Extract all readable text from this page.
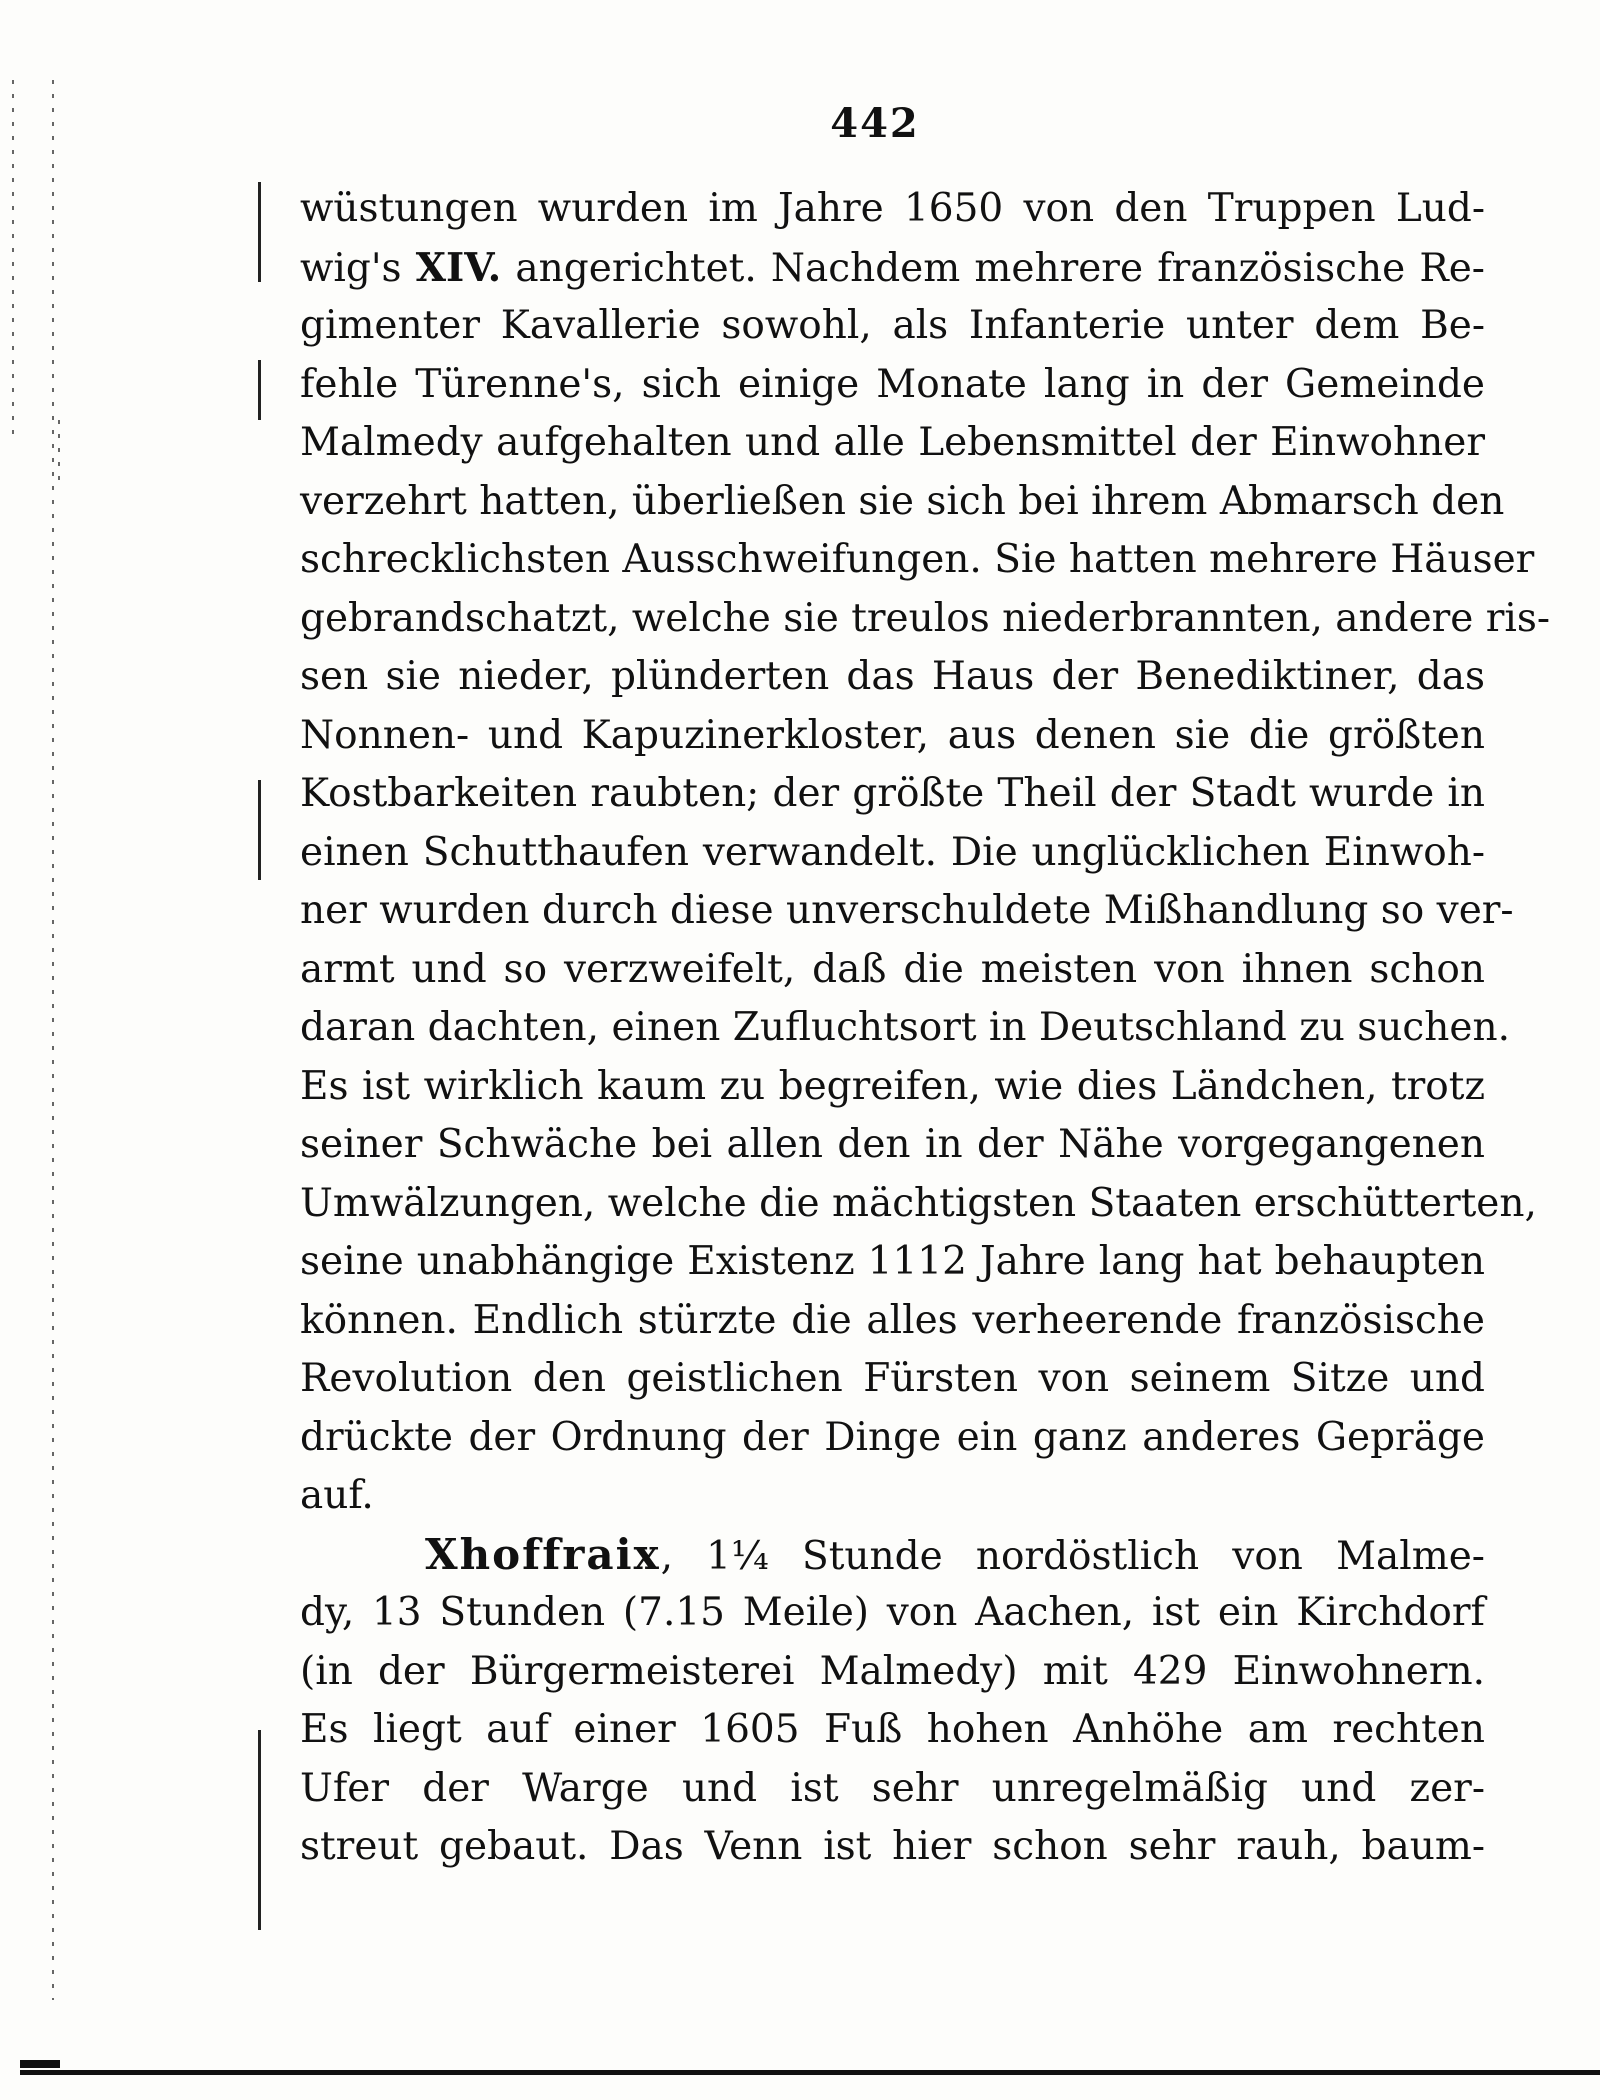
442
wüstungen wurden im Jahre 1650 von den Truppen Lud-
wig's XIV. angerichtet. Nachdem mehrere französische Re-
gimenter Kavallerie sowohl, als Infanterie unter dem Be-
fehle Türenne's, sich einige Monate lang in der Gemeinde
Malmedy aufgehalten und alle Lebensmittel der Einwohner
verzehrt hatten, überließen sie sich bei ihrem Abmarsch den
schrecklichsten Ausschweifungen. Sie hatten mehrere Häuser
gebrandschatzt, welche sie treulos niederbrannten, andere ris-
sen sie nieder, plünderten das Haus der Benediktiner, das
Nonnen- und Kapuzinerkloster, aus denen sie die größten
Kostbarkeiten raubten; der größte Theil der Stadt wurde in
einen Schutthaufen verwandelt. Die unglücklichen Einwoh-
ner wurden durch diese unverschuldete Mißhandlung so ver-
armt und so verzweifelt, daß die meisten von ihnen schon
daran dachten, einen Zufluchtsort in Deutschland zu suchen.
Es ist wirklich kaum zu begreifen, wie dies Ländchen, trotz
seiner Schwäche bei allen den in der Nähe vorgegangenen
Umwälzungen, welche die mächtigsten Staaten erschütterten,
seine unabhängige Existenz 1112 Jahre lang hat behaupten
können. Endlich stürzte die alles verheerende französische
Revolution den geistlichen Fürsten von seinem Sitze und
drückte der Ordnung der Dinge ein ganz anderes Gepräge
auf.
Xhoffraix, 1¼ Stunde nordöstlich von Malme-
dy, 13 Stunden (7.15 Meile) von Aachen, ist ein Kirchdorf
(in der Bürgermeisterei Malmedy) mit 429 Einwohnern.
Es liegt auf einer 1605 Fuß hohen Anhöhe am rechten
Ufer der Warge und ist sehr unregelmäßig und zer-
streut gebaut. Das Venn ist hier schon sehr rauh, baum-
